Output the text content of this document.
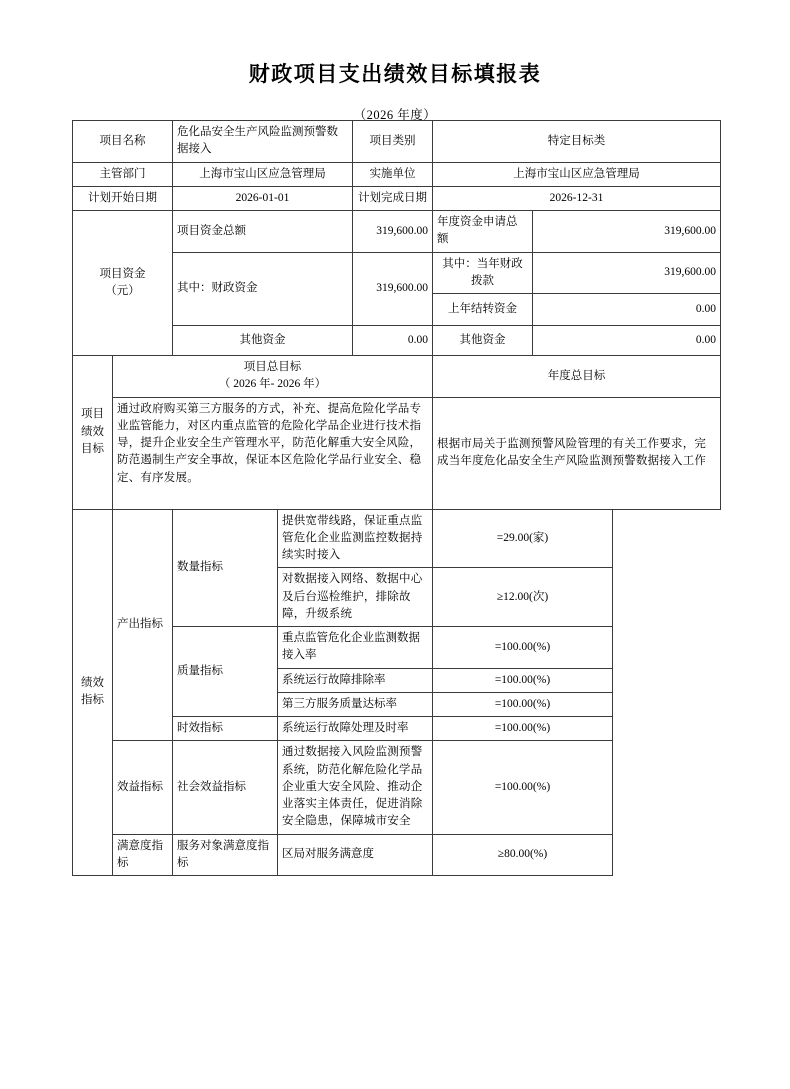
财政项目支出绩效目标填报表

（2026 年度）

项目名称		危化品安全生产风险监测预警数据接入		项目类别	特定目标类	
主管部门		上海市宝山区应急管理局		实施单位	上海市宝山区应急管理局	
计划开始日期		2026-01-01		计划完成日期	2026-12-31	

项目资金
（元）		项目资金总额		319,600.00	年度资金申请总额	319,600.00
		其中：财政资金		319,600.00	其中：当年财政拨款	319,600.00
					上年结转资金	0.00
		其他资金		0.00	其他资金	0.00

项目
绩效
目标

项目总目标
（ 2026 年- 2026 年）
	年度总目标
	通过政府购买第三方服务的方式，补充、提高危险化学品专业监管能力，对区内重点监管的危险化学品企业进行技术指导，提升企业安全生产管理水平，防范化解重大安全风险，防范遏制生产安全事故，保证本区危险化学品行业安全、稳定、有序发展。				根据市局关于监测预警风险管理的有关工作要求，完成当年度危化品安全生产风险监测预警数据接入工作	

绩效
指标	产出指标	数量指标	提供宽带线路，保证重点监管危化企业监测监控数据持续实时接入		=29.00(家)	
			对数据接入网络、数据中心及后台巡检维护，排除故障，升级系统		≥12.00(次)	
		质量指标	重点监管危化企业监测数据接入率		=100.00(%)	
			系统运行故障排除率		=100.00(%)	
			第三方服务质量达标率		=100.00(%)	
		时效指标	系统运行故障处理及时率		=100.00(%)	
	效益指标	社会效益指标	通过数据接入风险监测预警系统，防范化解危险化学品企业重大安全风险、推动企业落实主体责任，促进消除安全隐患，保障城市安全		=100.00(%)	
	满意度指标	服务对象满意度指标	区局对服务满意度		≥80.00(%)	
